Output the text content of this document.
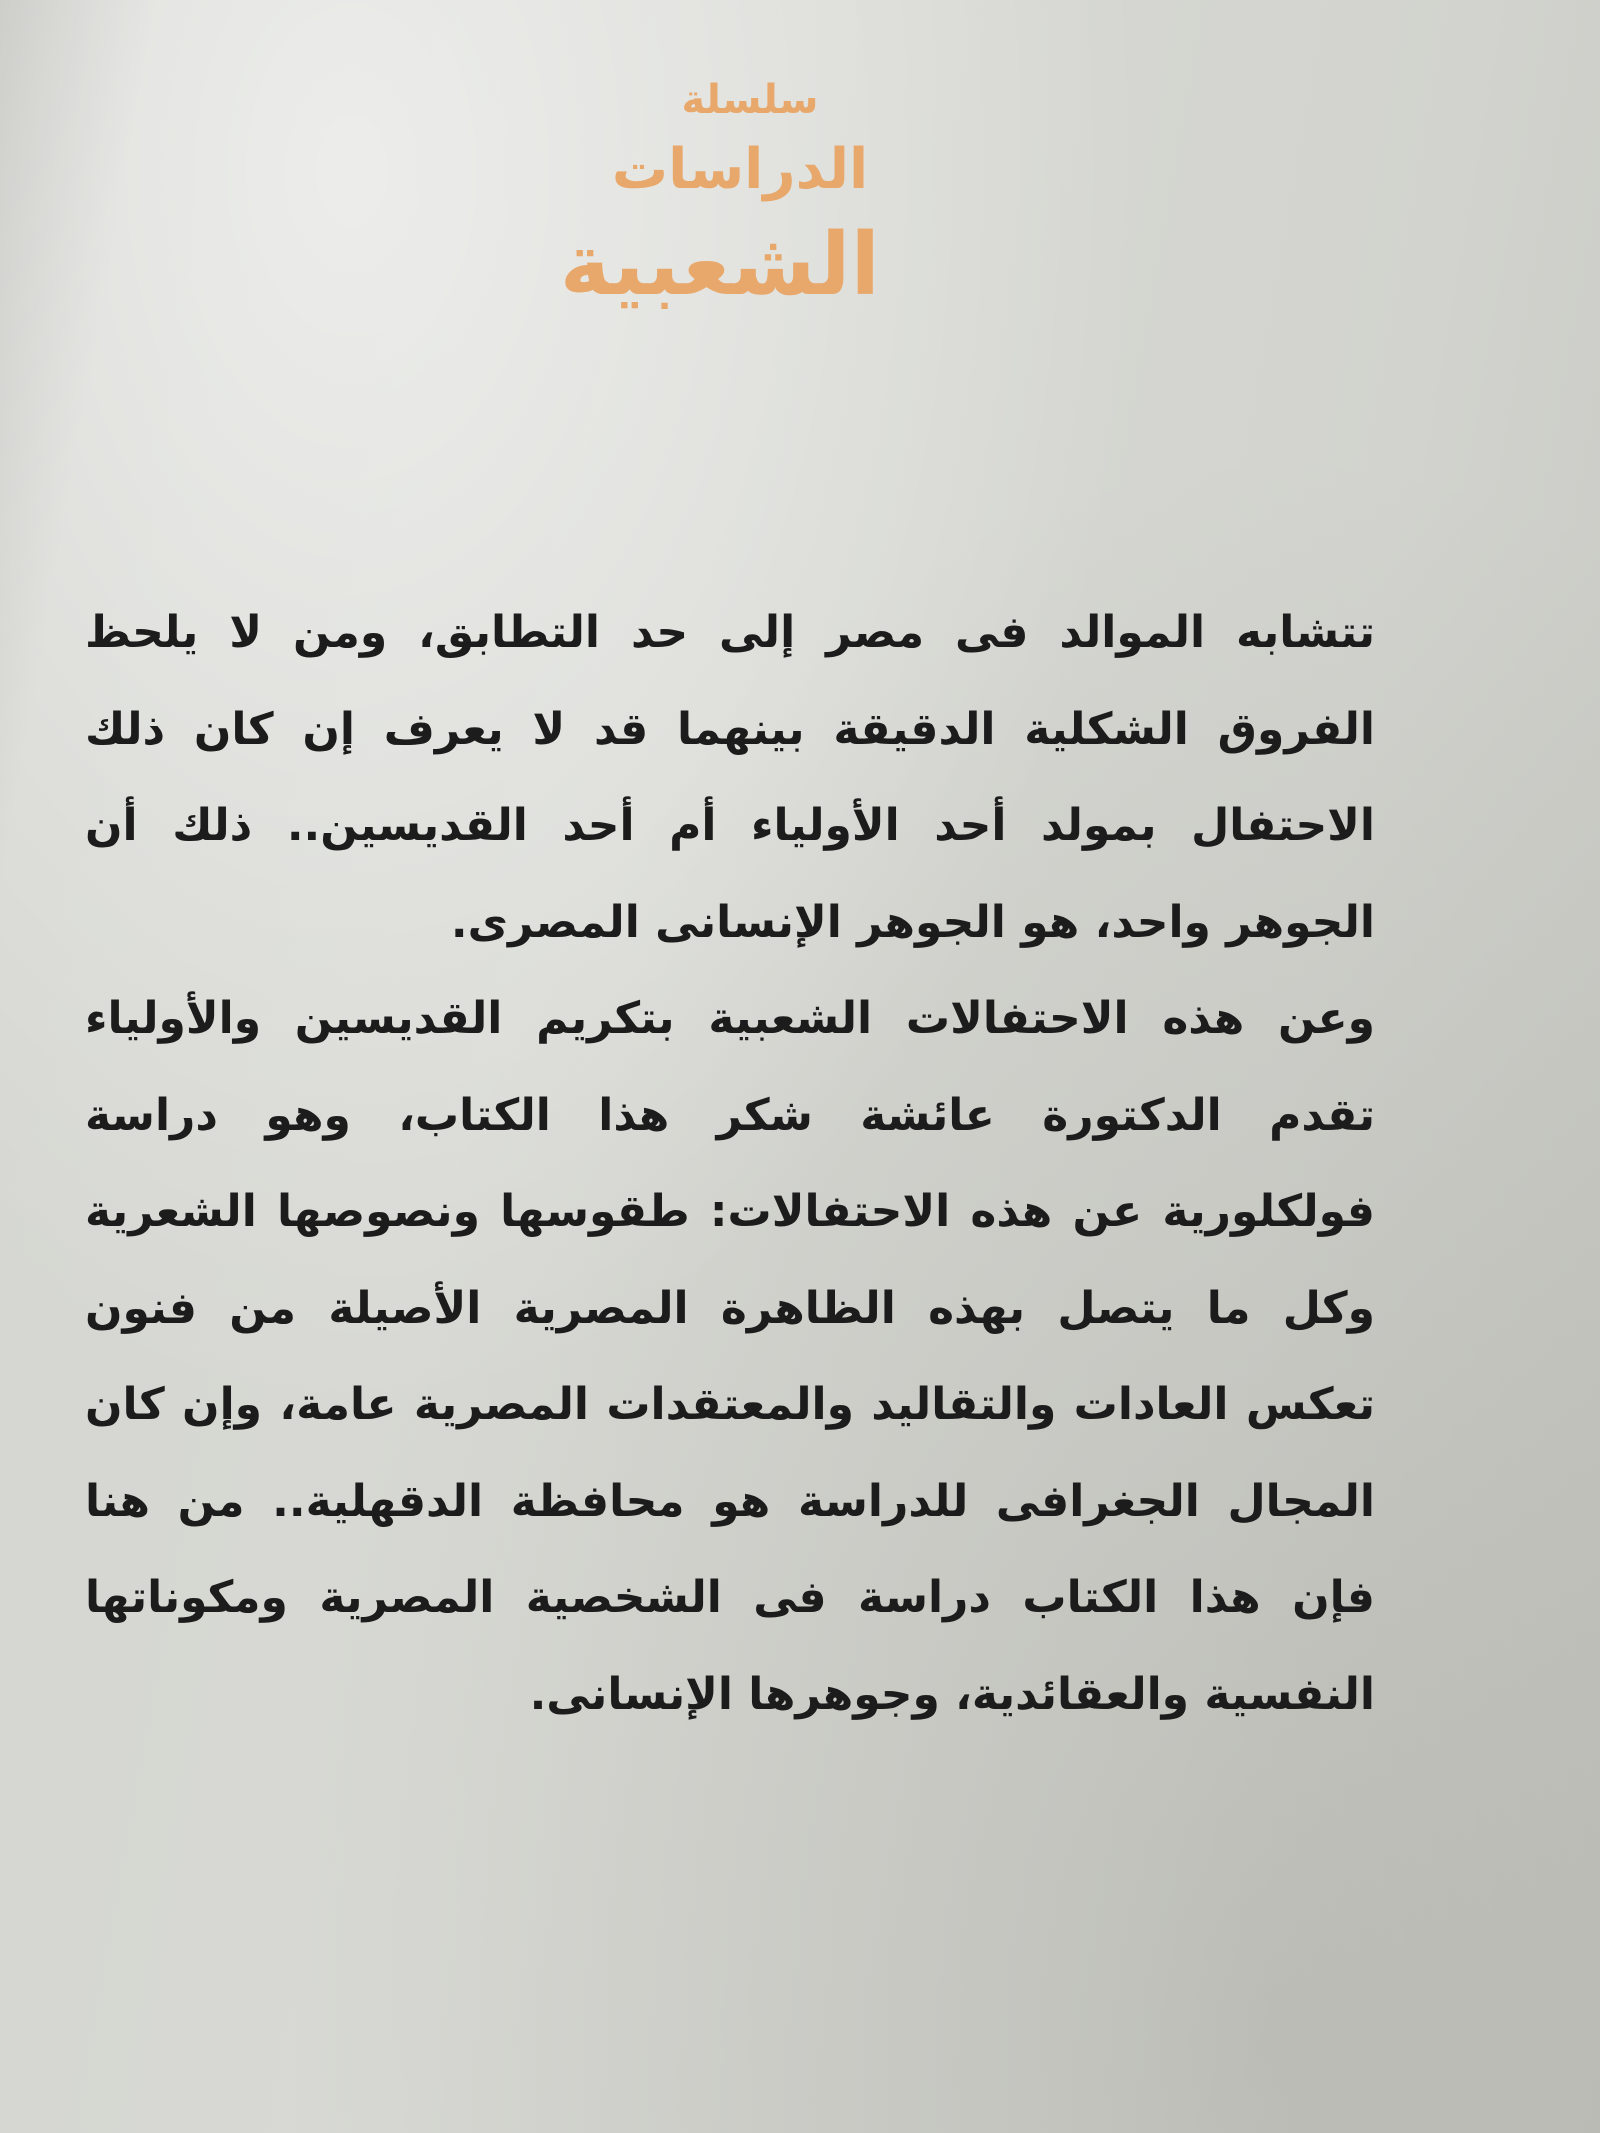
سلسلة
الدراسات
الشعبية

تتشابه الموالد فى مصر إلى حد التطابق، ومن لا يلحظ الفروق الشكلية الدقيقة بينهما قد لا يعرف إن كان ذلك الاحتفال بمولد أحد الأولياء أم أحد القديسين.. ذلك أن الجوهر واحد، هو الجوهر الإنسانى المصرى.

وعن هذه الاحتفالات الشعبية بتكريم القديسين والأولياء تقدم الدكتورة عائشة شكر هذا الكتاب، وهو دراسة فولكلورية عن هذه الاحتفالات: طقوسها ونصوصها الشعرية وكل ما يتصل بهذه الظاهرة المصرية الأصيلة من فنون تعكس العادات والتقاليد والمعتقدات المصرية عامة، وإن كان المجال الجغرافى للدراسة هو محافظة الدقهلية.. من هنا فإن هذا الكتاب دراسة فى الشخصية المصرية ومكوناتها النفسية والعقائدية، وجوهرها الإنسانى.
